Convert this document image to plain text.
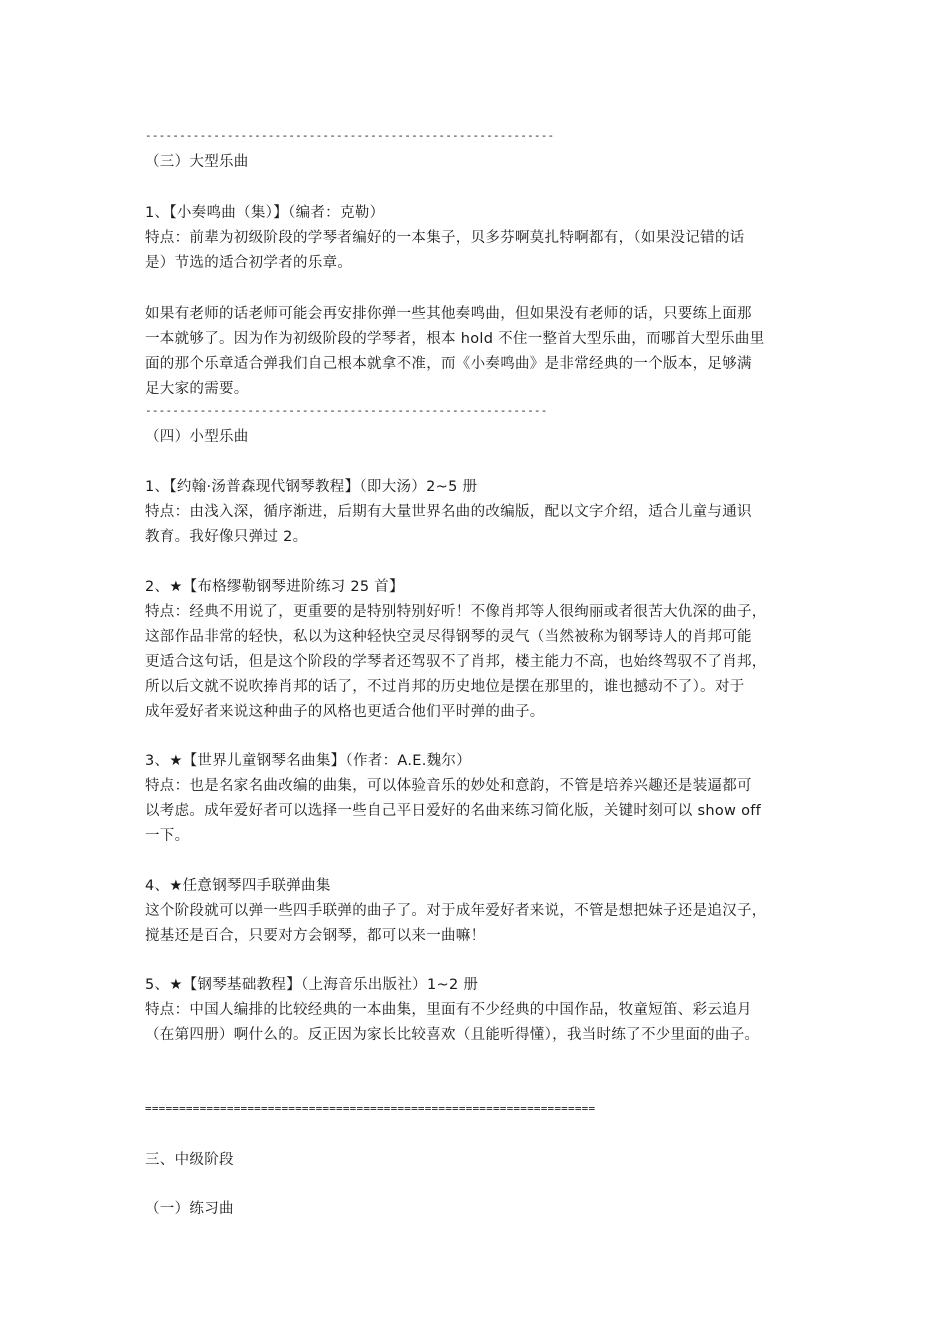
------------------------------------------------------------
（三）大型乐曲
1、【小奏鸣曲（集）】（编者：克勒）
特点：前辈为初级阶段的学琴者编好的一本集子，贝多芬啊莫扎特啊都有，（如果没记错的话
是）节选的适合初学者的乐章。
如果有老师的话老师可能会再安排你弹一些其他奏鸣曲，但如果没有老师的话，只要练上面那
一本就够了。因为作为初级阶段的学琴者，根本 hold 不住一整首大型乐曲，而哪首大型乐曲里
面的那个乐章适合弹我们自己根本就拿不准，而《小奏鸣曲》是非常经典的一个版本，足够满
足大家的需要。
-----------------------------------------------------------
（四）小型乐曲
1、【约翰·汤普森现代钢琴教程】（即大汤）2~5 册
特点：由浅入深，循序渐进，后期有大量世界名曲的改编版，配以文字介绍，适合儿童与通识
教育。我好像只弹过 2。
2、★【布格缪勒钢琴进阶练习 25 首】
特点：经典不用说了，更重要的是特别特别好听！不像肖邦等人很绚丽或者很苦大仇深的曲子，
这部作品非常的轻快，私以为这种轻快空灵尽得钢琴的灵气（当然被称为钢琴诗人的肖邦可能
更适合这句话，但是这个阶段的学琴者还驾驭不了肖邦，楼主能力不高，也始终驾驭不了肖邦，
所以后文就不说吹捧肖邦的话了，不过肖邦的历史地位是摆在那里的，谁也撼动不了）。对于
成年爱好者来说这种曲子的风格也更适合他们平时弹的曲子。
3、★【世界儿童钢琴名曲集】（作者：A.E.魏尔）
特点：也是名家名曲改编的曲集，可以体验音乐的妙处和意韵，不管是培养兴趣还是装逼都可
以考虑。成年爱好者可以选择一些自己平日爱好的名曲来练习简化版，关键时刻可以 show off
一下。
4、★任意钢琴四手联弹曲集
这个阶段就可以弹一些四手联弹的曲子了。对于成年爱好者来说，不管是想把妹子还是追汉子，
搅基还是百合，只要对方会钢琴，都可以来一曲嘛！
5、★【钢琴基础教程】（上海音乐出版社）1~2 册
特点：中国人编排的比较经典的一本曲集，里面有不少经典的中国作品，牧童短笛、彩云追月
（在第四册）啊什么的。反正因为家长比较喜欢（且能听得懂），我当时练了不少里面的曲子。
==================================================================
三、中级阶段
（一）练习曲
